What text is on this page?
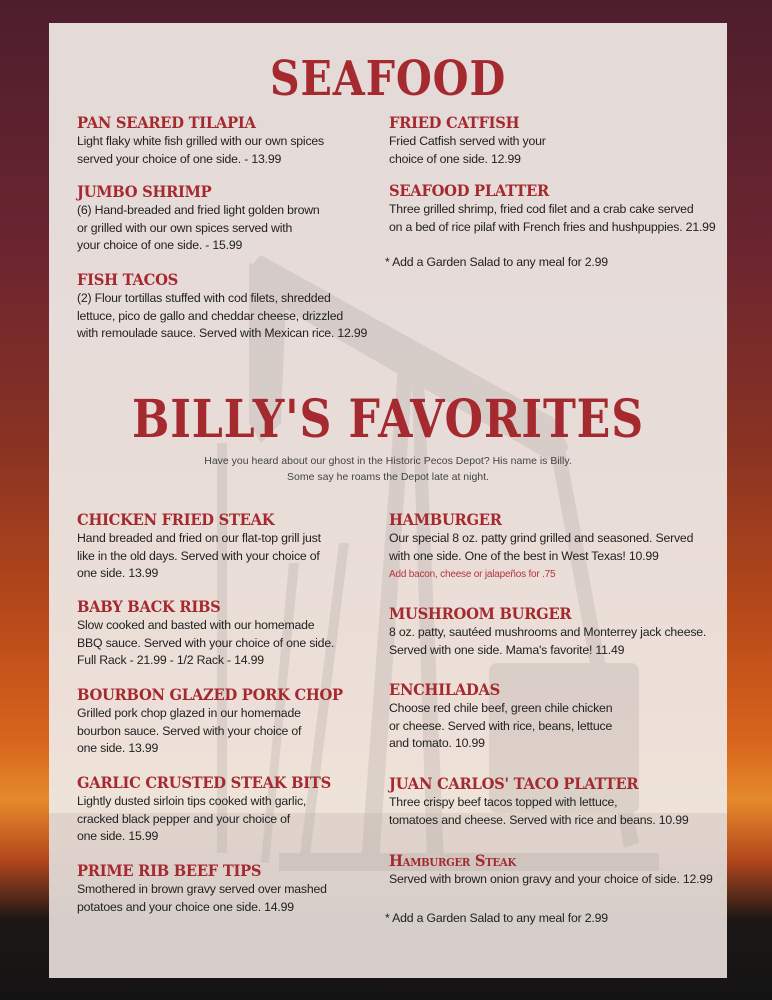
SEAFOOD
PAN SEARED TILAPIA

Light flaky white fish grilled with our own spices
served your choice of one side. - 13.99

JUMBO SHRIMP

(6) Hand-breaded and fried light golden brown
or grilled with our own spices served with
your choice of one side. - 15.99

FISH TACOS

(2) Flour tortillas stuffed with cod filets, shredded
lettuce, pico de gallo and cheddar cheese, drizzled
with remoulade sauce. Served with Mexican rice. 12.99

FRIED CATFISH

Fried Catfish served with your
choice of one side. 12.99

SEAFOOD PLATTER

Three grilled shrimp, fried cod filet and a crab cake served
on a bed of rice pilaf with French fries and hushpuppies. 21.99

* Add a Garden Salad to any meal for 2.99
BILLY'S FAVORITES
Have you heard about our ghost in the Historic Pecos Depot? His name is Billy.
Some say he roams the Depot late at night.
CHICKEN FRIED STEAK

Hand breaded and fried on our flat-top grill just
like in the old days. Served with your choice of
one side. 13.99

BABY BACK RIBS

Slow cooked and basted with our homemade
BBQ sauce. Served with your choice of one side.
Full Rack - 21.99 - 1/2 Rack - 14.99

BOURBON GLAZED PORK CHOP

Grilled pork chop glazed in our homemade
bourbon sauce. Served with your choice of
one side. 13.99

GARLIC CRUSTED STEAK BITS

Lightly dusted sirloin tips cooked with garlic,
cracked black pepper and your choice of
one side. 15.99

PRIME RIB BEEF TIPS

Smothered in brown gravy served over mashed
potatoes and your choice one side. 14.99

HAMBURGER

Our special 8 oz. patty grind grilled and seasoned. Served
with one side. One of the best in West Texas! 10.99

Add bacon, cheese or jalapeños for .75

MUSHROOM BURGER

8 oz. patty, sautéed mushrooms and Monterrey jack cheese.
Served with one side. Mama's favorite! 11.49

ENCHILADAS

Choose red chile beef, green chile chicken
or cheese. Served with rice, beans, lettuce
and tomato. 10.99

JUAN CARLOS' TACO PLATTER

Three crispy beef tacos topped with lettuce,
tomatoes and cheese. Served with rice and beans. 10.99

Hamburger Steak

Served with brown onion gravy and your choice of side. 12.99

* Add a Garden Salad to any meal for 2.99
